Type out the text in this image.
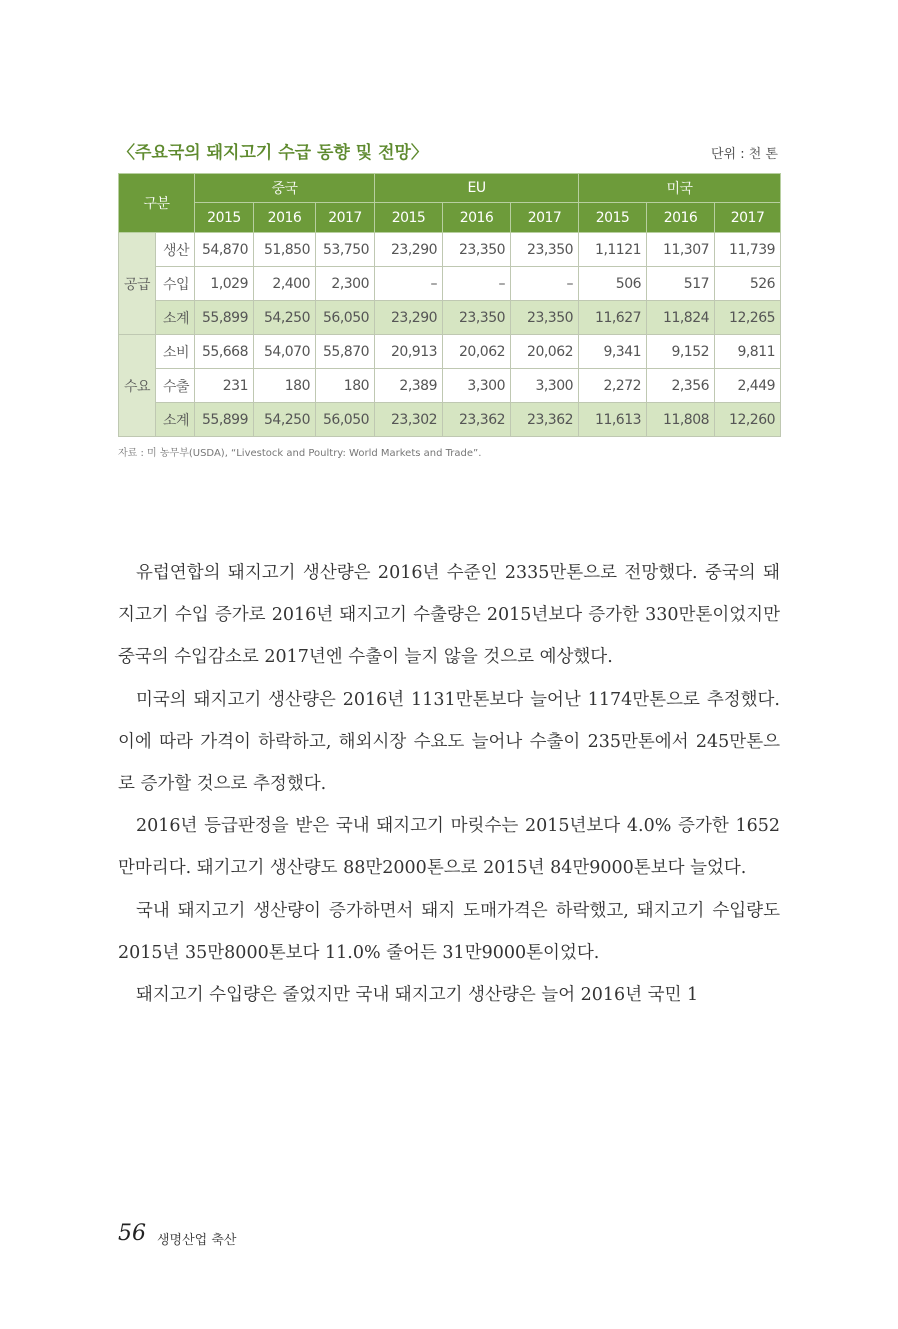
〈주요국의 돼지고기 수급 동향 및 전망〉	단위 : 천 톤
구분		중국			EU			미국		
		2015	2016	2017	2015	2016	2017	2015	2016	2017
공급	생산	54,870	51,850	53,750	23,290	23,350	23,350	1,1121	11,307	11,739
	수입	1,029	2,400	2,300	–	–	–	506	517	526
	소계	55,899	54,250	56,050	23,290	23,350	23,350	11,627	11,824	12,265
수요	소비	55,668	54,070	55,870	20,913	20,062	20,062	9,341	9,152	9,811
	수출	231	180	180	2,389	3,300	3,300	2,272	2,356	2,449
	소계	55,899	54,250	56,050	23,302	23,362	23,362	11,613	11,808	12,260
자료 : 미 농무부(USDA), “Livestock and Poultry: World Markets and Trade”.

유럽연합의 돼지고기 생산량은 2016년 수준인 2335만톤으로 전망했다. 중국의 돼지고기 수입 증가로 2016년 돼지고기 수출량은 2015년보다 증가한 330만톤이었지만 중국의 수입감소로 2017년엔 수출이 늘지 않을 것으로 예상했다.

미국의 돼지고기 생산량은 2016년 1131만톤보다 늘어난 1174만톤으로 추정했다. 이에 따라 가격이 하락하고, 해외시장 수요도 늘어나 수출이 235만톤에서 245만톤으로 증가할 것으로 추정했다.

2016년 등급판정을 받은 국내 돼지고기 마릿수는 2015년보다 4.0% 증가한 1652만마리다. 돼기고기 생산량도 88만2000톤으로 2015년 84만9000톤보다 늘었다.

국내 돼지고기 생산량이 증가하면서 돼지 도매가격은 하락했고, 돼지고기 수입량도 2015년 35만8000톤보다 11.0% 줄어든 31만9000톤이었다.

돼지고기 수입량은 줄었지만 국내 돼지고기 생산량은 늘어 2016년 국민 1

56 생명산업 축산
